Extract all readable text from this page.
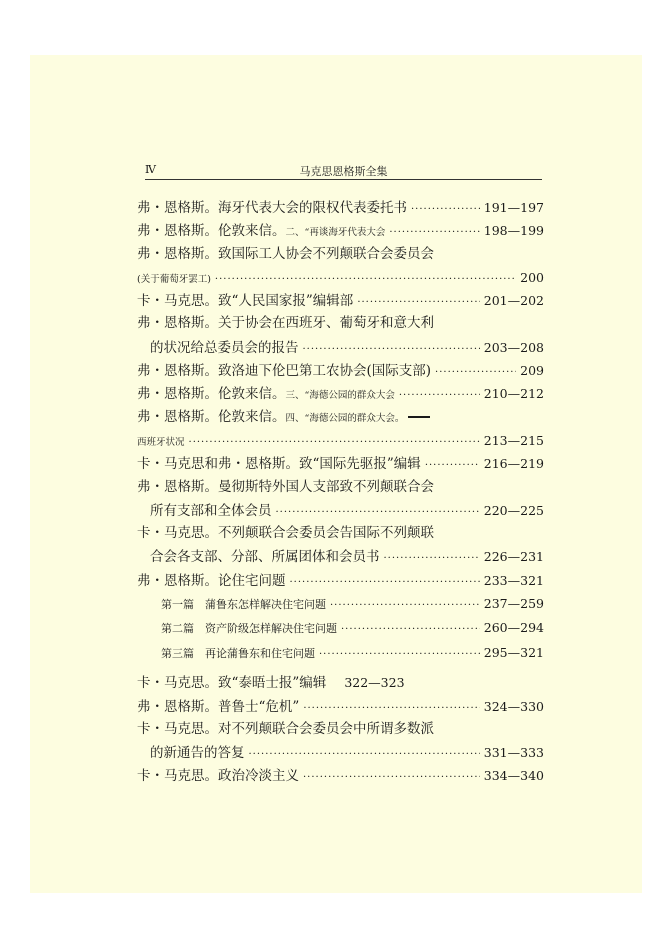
Ⅳ	马克思恩格斯全集
弗・恩格斯。海牙代表大会的限权代表委托书 ·····	191—197
弗・恩格斯。伦敦来信。二、“再谈海牙代表大会 ·····	198—199
弗・恩格斯。致国际工人协会不列颠联合会委员会
(关于葡萄牙罢工) ·····	200
卡・马克思。致“人民国家报”编辑部 ·····	201—202
弗・恩格斯。关于协会在西班牙、葡萄牙和意大利
的状况给总委员会的报告 ·····	203—208
弗・恩格斯。致洛迪下伦巴第工农协会(国际支部) ·····	209
弗・恩格斯。伦敦来信。三、“海德公园的群众大会 ·····	210—212
弗・恩格斯。伦敦来信。四、“海德公园的群众大会。
西班牙状况 ·····	213—215
卡・马克思和弗・恩格斯。致“国际先驱报”编辑 ·····	216—219
弗・恩格斯。曼彻斯特外国人支部致不列颠联合会
所有支部和全体会员 ·····	220—225
卡・马克思。不列颠联合会委员会告国际不列颠联
合会各支部、分部、所属团体和会员书 ·····	226—231
弗・恩格斯。论住宅问题 ·····	233—321
第一篇　蒲鲁东怎样解决住宅问题 ·····	237—259
第二篇　资产阶级怎样解决住宅问题 ·····	260—294
第三篇　再论蒲鲁东和住宅问题 ·····	295—321
卡・马克思。致“泰晤士报”编辑 322—323
弗・恩格斯。普鲁士“危机” ·····	324—330
卡・马克思。对不列颠联合会委员会中所谓多数派
的新通告的答复 ·····	331—333
卡・马克思。政治冷淡主义 ·····	334—340
